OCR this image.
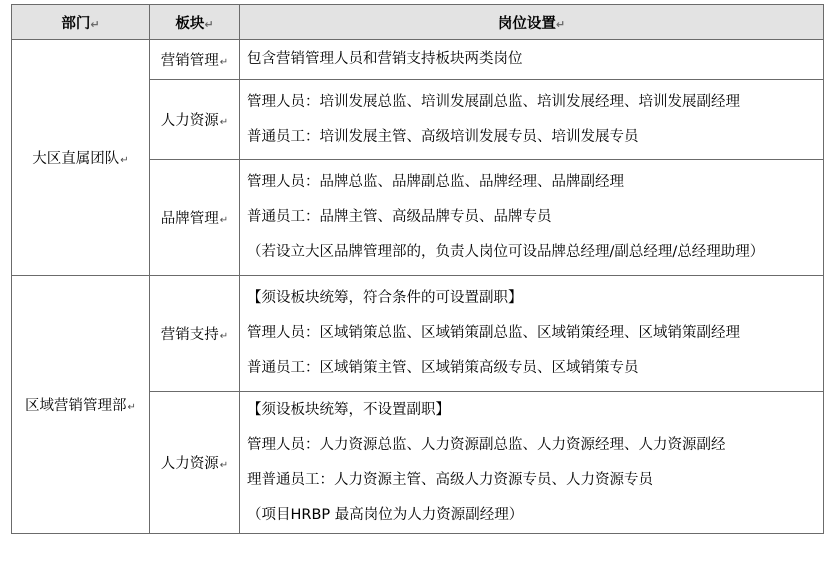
部门↵	板块↵	岗位设置↵
大区直属团队↵	营销管理↵	包含营销管理人员和营销支持板块两类岗位

	人力资源↵	管理人员：培训发展总监、培训发展副总监、培训发展经理、培训发展副经理
普通员工：培训发展主管、高级培训发展专员、培训发展专员

	品牌管理↵	管理人员：品牌总监、品牌副总监、品牌经理、品牌副经理
普通员工：品牌主管、高级品牌专员、品牌专员
（若设立大区品牌管理部的，负责人岗位可设品牌总经理/副总经理/总经理助理）

区域营销管理部↵	营销支持↵	【须设板块统筹，符合条件的可设置副职】
管理人员：区域销策总监、区域销策副总监、区域销策经理、区域销策副经理
普通员工：区域销策主管、区域销策高级专员、区域销策专员

	人力资源↵	【须设板块统筹，不设置副职】
管理人员：人力资源总监、人力资源副总监、人力资源经理、人力资源副经
理普通员工：人力资源主管、高级人力资源专员、人力资源专员
（项目HRBP 最高岗位为人力资源副经理）
